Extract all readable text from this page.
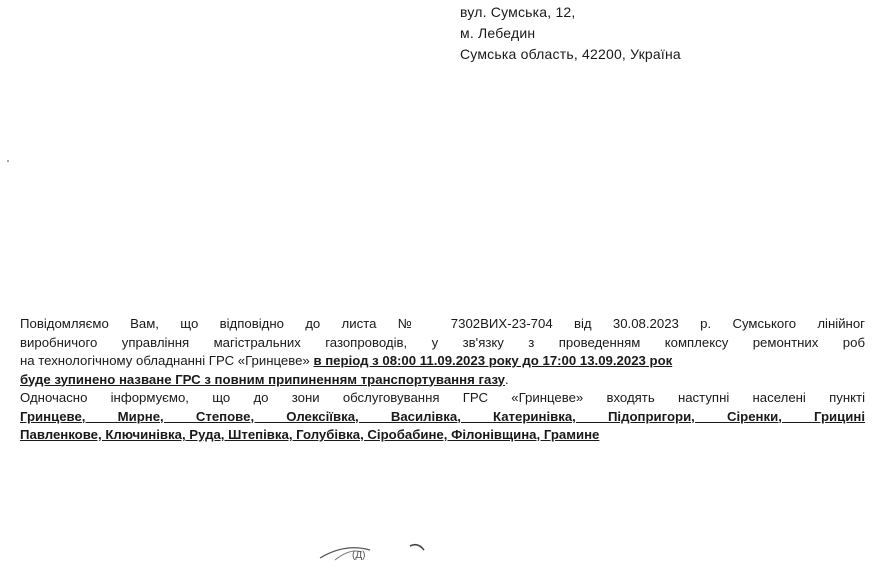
вул. Сумська, 12,
м. Лебедин
Сумська область, 42200, Україна
Повідомляємо Вам, що відповідно до листа № 7302ВИХ-23-704 від 30.08.2023 р. Сумського лінійног
виробничого управління магістральних газопроводів, у зв'язку з проведенням комплексу ремонтних роб
на технологічному обладнанні ГРС «Гринцеве» в період з 08:00 11.09.2023 року до 17:00 13.09.2023 рок
буде зупинено назване ГРС з повним припиненням транспортування газу.
Одночасно інформуємо, що до зони обслуговування ГРС «Гринцеве» входять наступні населені пункті
Гринцеве, Мирне, Степове, Олексіївка, Василівка, Катеринівка, Підопригори, Сіренки, Грицині
Павленкове, Ключинівка, Руда, Штепівка, Голубівка, Сіробабине, Філонівщина, Грамине
(Д)
